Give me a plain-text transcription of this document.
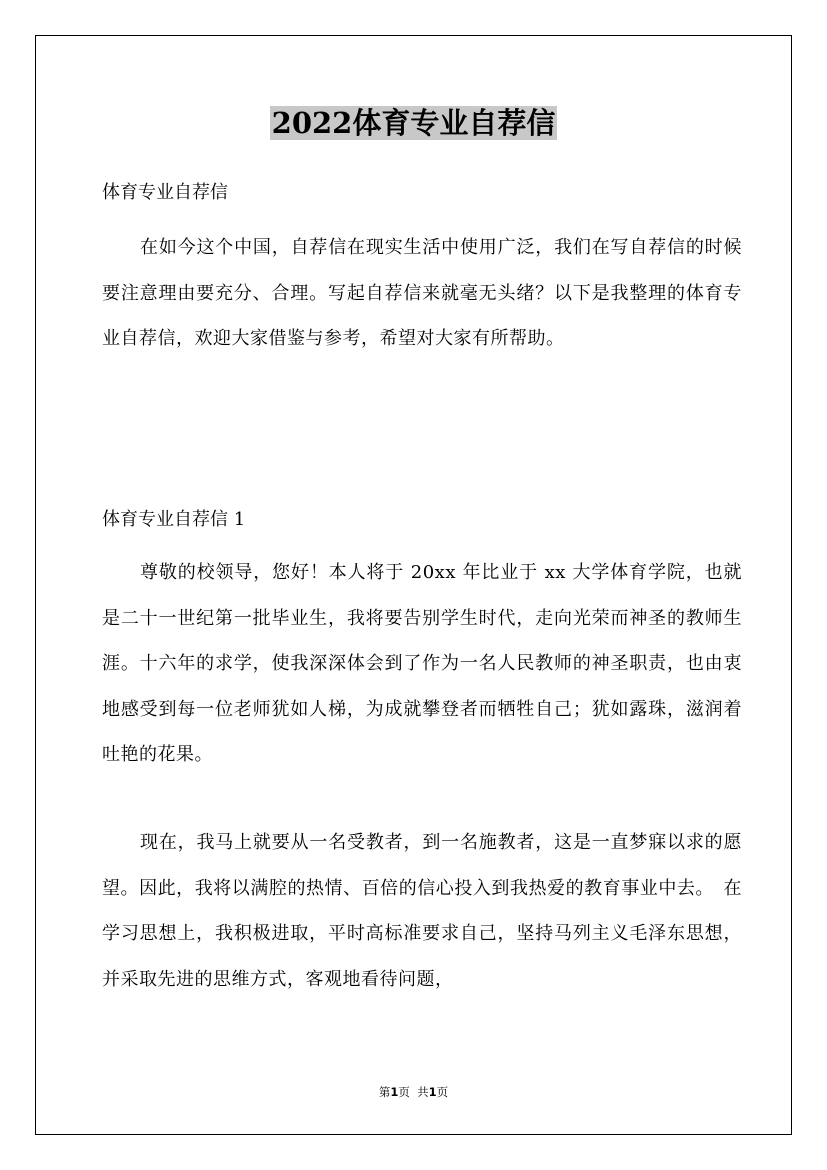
2022体育专业自荐信

体育专业自荐信

在如今这个中国，自荐信在现实生活中使用广泛，我们在写自荐信的时候要注意理由要充分、合理。写起自荐信来就毫无头绪？以下是我整理的体育专业自荐信，欢迎大家借鉴与参考，希望对大家有所帮助。

体育专业自荐信 1

尊敬的校领导，您好！本人将于 20xx 年比业于 xx 大学体育学院，也就是二十一世纪第一批毕业生，我将要告别学生时代，走向光荣而神圣的教师生涯。十六年的求学，使我深深体会到了作为一名人民教师的神圣职责，也由衷地感受到每一位老师犹如人梯，为成就攀登者而牺牲自己；犹如露珠，滋润着吐艳的花果。

现在，我马上就要从一名受教者，到一名施教者，这是一直梦寐以求的愿望。因此，我将以满腔的热情、百倍的信心投入到我热爱的教育事业中去。　在学习思想上，我积极进取，平时高标准要求自己，坚持马列主义毛泽东思想，并采取先进的思维方式，客观地看待问题，

第1页 共1页
